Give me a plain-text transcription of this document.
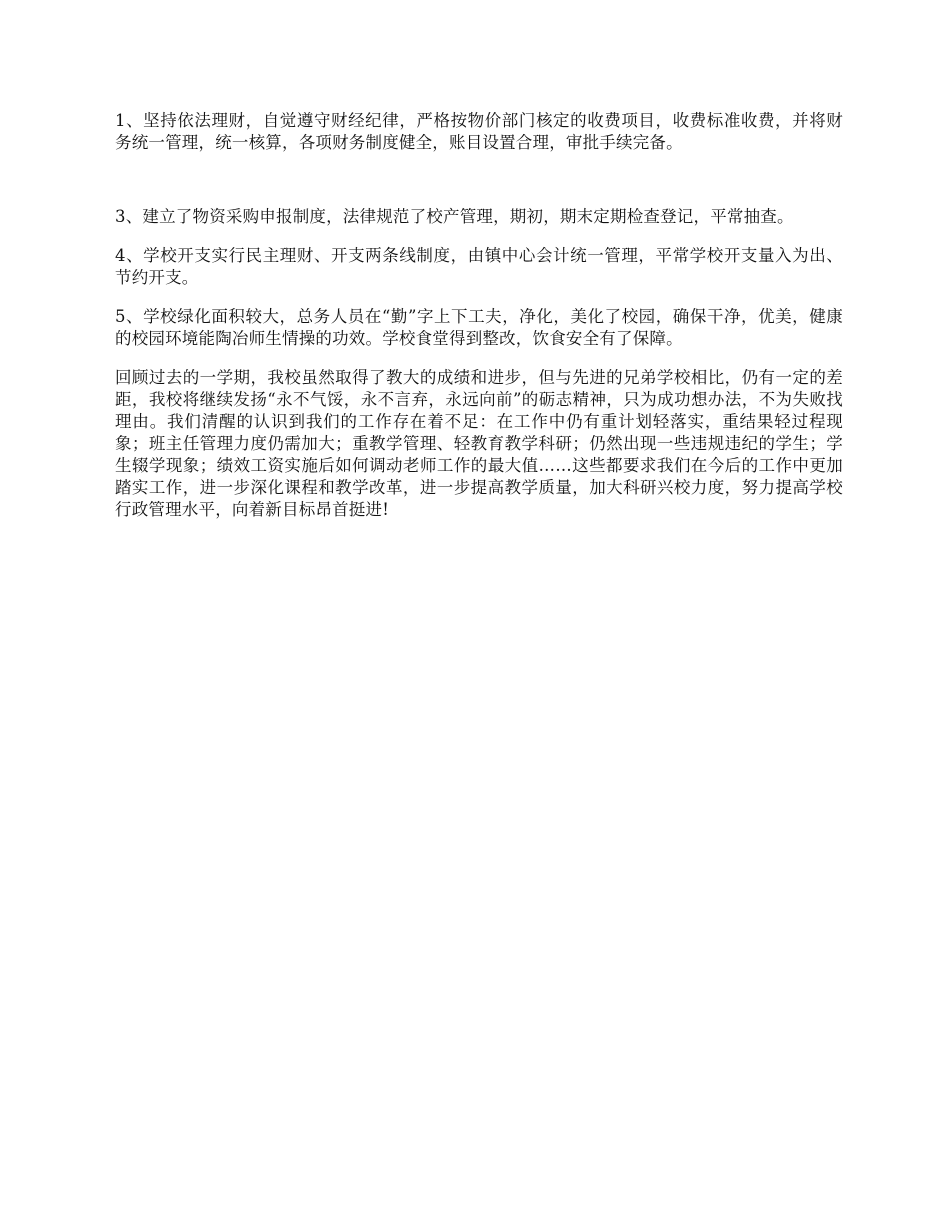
1、坚持依法理财，自觉遵守财经纪律，严格按物价部门核定的收费项目，收费标准收费，并将财务统一管理，统一核算，各项财务制度健全，账目设置合理，审批手续完备。

3、建立了物资采购申报制度，法律规范了校产管理，期初，期末定期检查登记，平常抽查。

4、学校开支实行民主理财、开支两条线制度，由镇中心会计统一管理，平常学校开支量入为出、节约开支。

5、学校绿化面积较大，总务人员在“勤”字上下工夫，净化，美化了校园，确保干净，优美，健康的校园环境能陶冶师生情操的功效。学校食堂得到整改，饮食安全有了保障。

回顾过去的一学期，我校虽然取得了教大的成绩和进步，但与先进的兄弟学校相比，仍有一定的差距，我校将继续发扬“永不气馁，永不言弃，永远向前”的砺志精神，只为成功想办法，不为失败找理由。我们清醒的认识到我们的工作存在着不足：在工作中仍有重计划轻落实，重结果轻过程现象；班主任管理力度仍需加大；重教学管理、轻教育教学科研；仍然出现一些违规违纪的学生；学生辍学现象；绩效工资实施后如何调动老师工作的最大值……这些都要求我们在今后的工作中更加踏实工作，进一步深化课程和教学改革，进一步提高教学质量，加大科研兴校力度，努力提高学校行政管理水平，向着新目标昂首挺进!
